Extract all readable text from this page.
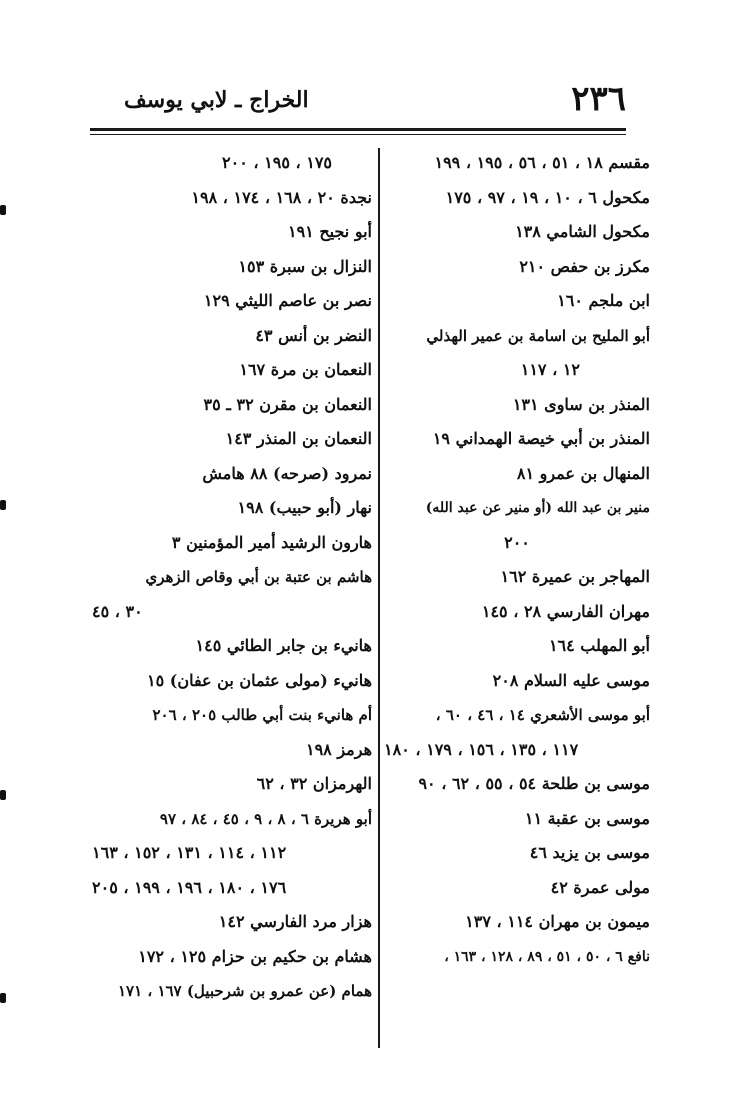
٢٣٦
الخراج ـ لابي يوسف
مقسم ١٨ ، ٥١ ، ٥٦ ، ١٩٥ ، ١٩٩
مكحول ٦ ، ١٠ ، ١٩ ، ٩٧ ، ١٧٥
مكحول الشامي ١٣٨
مكرز بن حفص ٢١٠
ابن ملجم ١٦٠
أبو المليح بن اسامة بن عمير الهذلي
١٢ ، ١١٧
المنذر بن ساوى ١٣١
المنذر بن أبي خيصة الهمداني ١٩
المنهال بن عمرو ٨١
منير بن عبد الله (أو منير عن عبد الله)
٢٠٠
المهاجر بن عميرة ١٦٢
مهران الفارسي ٢٨ ، ١٤٥
أبو المهلب ١٦٤
موسى عليه السلام ٢٠٨
أبو موسى الأشعري ١٤ ، ٤٦ ، ٦٠ ،
١١٧ ، ١٣٥ ، ١٥٦ ، ١٧٩ ، ١٨٠
موسى بن طلحة ٥٤ ، ٥٥ ، ٦٢ ، ٩٠
موسى بن عقبة ١١
موسى بن يزيد ٤٦
مولى عمرة ٤٢
ميمون بن مهران ١١٤ ، ١٣٧
نافع ٦ ، ٥٠ ، ٥١ ، ٨٩ ، ١٢٨ ، ١٦٣ ،
١٧٥ ، ١٩٥ ، ٢٠٠
نجدة ٢٠ ، ١٦٨ ، ١٧٤ ، ١٩٨
أبو نجيح ١٩١
النزال بن سبرة ١٥٣
نصر بن عاصم الليثي ١٢٩
النضر بن أنس ٤٣
النعمان بن مرة ١٦٧
النعمان بن مقرن ٣٢ ـ ٣٥
النعمان بن المنذر ١٤٣
نمرود (صرحه) ٨٨ هامش
نهار (أبو حبيب) ١٩٨
هارون الرشيد أمير المؤمنين ٣
هاشم بن عتبة بن أبي وقاص الزهري
٣٠ ، ٤٥
هانيء بن جابر الطائي ١٤٥
هانيء (مولى عثمان بن عفان) ١٥
أم هانيء بنت أبي طالب ٢٠٥ ، ٢٠٦
هرمز ١٩٨
الهرمزان ٣٢ ، ٦٢
أبو هريرة ٦ ، ٨ ، ٩ ، ٤٥ ، ٨٤ ، ٩٧
١١٢ ، ١١٤ ، ١٣١ ، ١٥٢ ، ١٦٣
١٧٦ ، ١٨٠ ، ١٩٦ ، ١٩٩ ، ٢٠٥
هزار مرد الفارسي ١٤٢
هشام بن حكيم بن حزام ١٢٥ ، ١٧٢
همام (عن عمرو بن شرحبيل) ١٦٧ ، ١٧١
